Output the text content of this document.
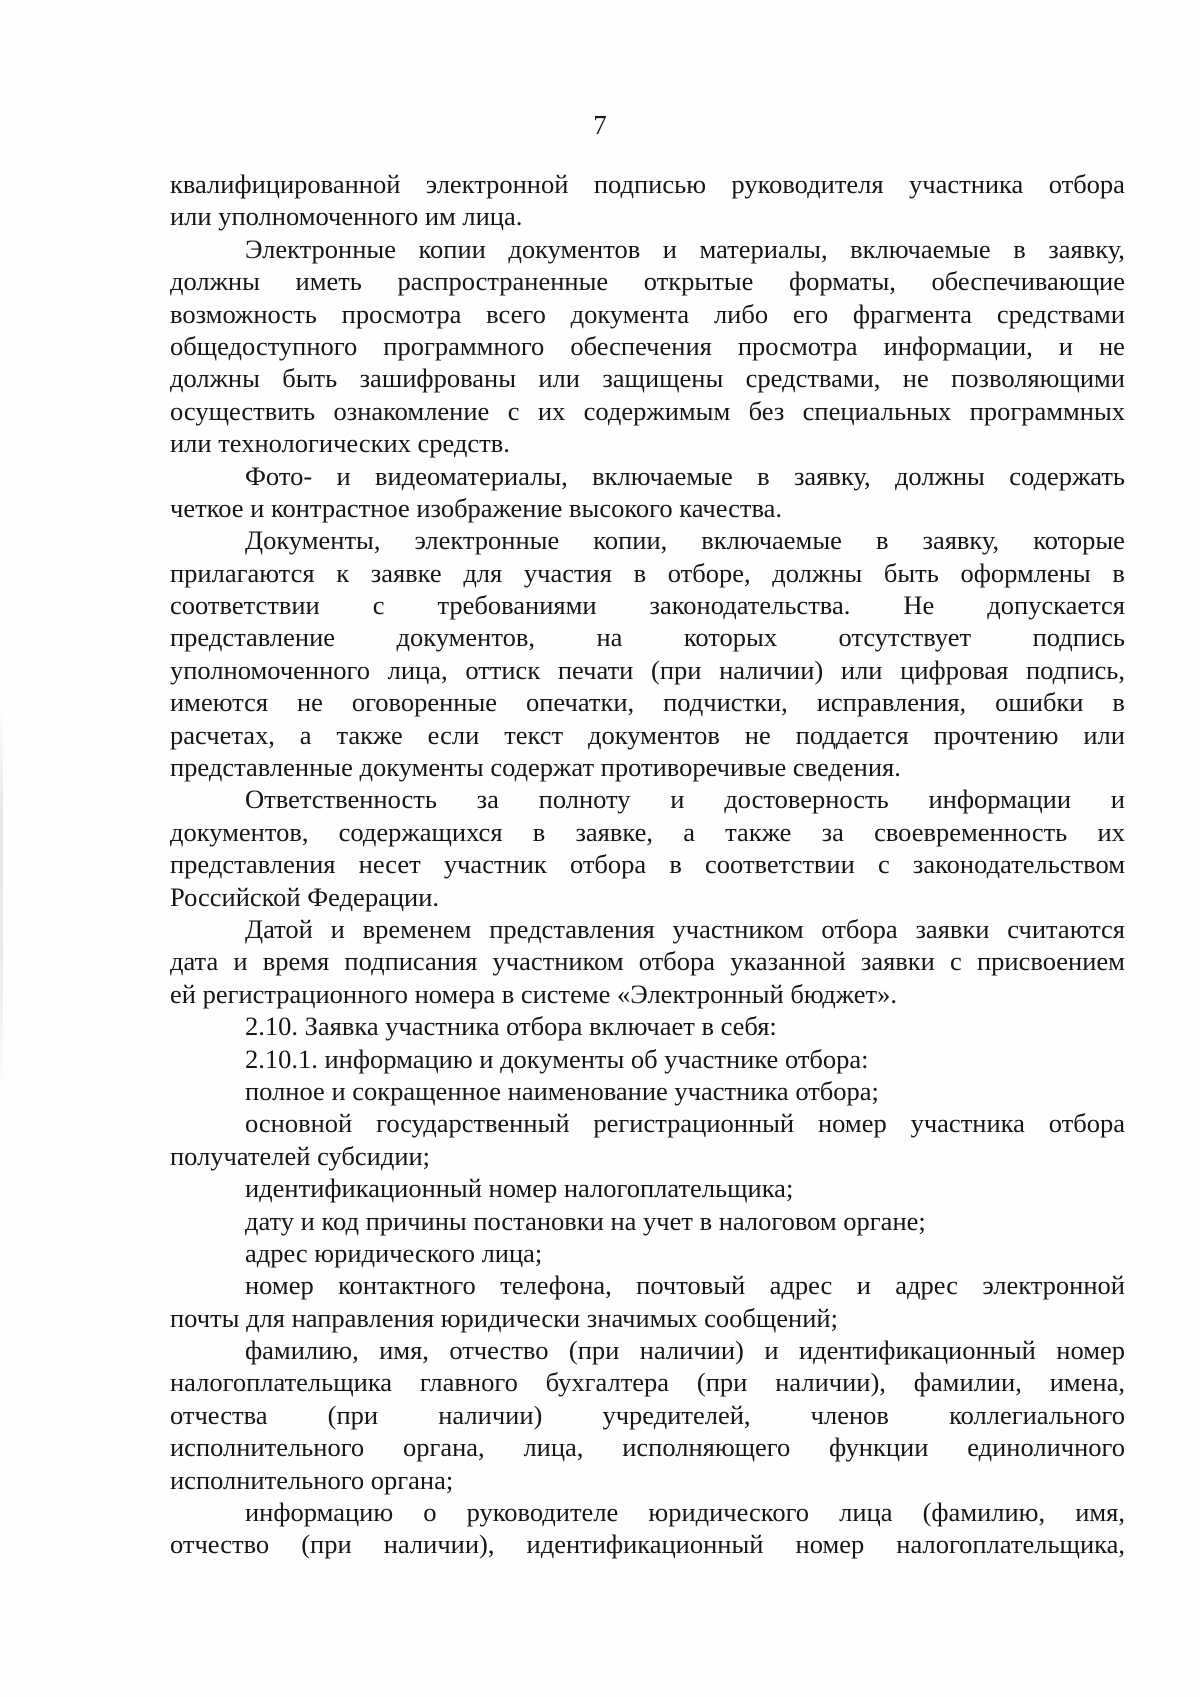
7
квалифицированной электронной подписью руководителя участника отбора
или уполномоченного им лица.
Электронные копии документов и материалы, включаемые в заявку,
должны иметь распространенные открытые форматы, обеспечивающие
возможность просмотра всего документа либо его фрагмента средствами
общедоступного программного обеспечения просмотра информации, и не
должны быть зашифрованы или защищены средствами, не позволяющими
осуществить ознакомление с их содержимым без специальных программных
или технологических средств.
Фото- и видеоматериалы, включаемые в заявку, должны содержать
четкое и контрастное изображение высокого качества.
Документы, электронные копии, включаемые в заявку, которые
прилагаются к заявке для участия в отборе, должны быть оформлены в
соответствии с требованиями законодательства. Не допускается
представление документов, на которых отсутствует подпись
уполномоченного лица, оттиск печати (при наличии) или цифровая подпись,
имеются не оговоренные опечатки, подчистки, исправления, ошибки в
расчетах, а также если текст документов не поддается прочтению или
представленные документы содержат противоречивые сведения.
Ответственность за полноту и достоверность информации и
документов, содержащихся в заявке, а также за своевременность их
представления несет участник отбора в соответствии с законодательством
Российской Федерации.
Датой и временем представления участником отбора заявки считаются
дата и время подписания участником отбора указанной заявки с присвоением
ей регистрационного номера в системе «Электронный бюджет».
2.10. Заявка участника отбора включает в себя:
2.10.1. информацию и документы об участнике отбора:
полное и сокращенное наименование участника отбора;
основной государственный регистрационный номер участника отбора
получателей субсидии;
идентификационный номер налогоплательщика;
дату и код причины постановки на учет в налоговом органе;
адрес юридического лица;
номер контактного телефона, почтовый адрес и адрес электронной
почты для направления юридически значимых сообщений;
фамилию, имя, отчество (при наличии) и идентификационный номер
налогоплательщика главного бухгалтера (при наличии), фамилии, имена,
отчества (при наличии) учредителей, членов коллегиального
исполнительного органа, лица, исполняющего функции единоличного
исполнительного органа;
информацию о руководителе юридического лица (фамилию, имя,
отчество (при наличии), идентификационный номер налогоплательщика,
